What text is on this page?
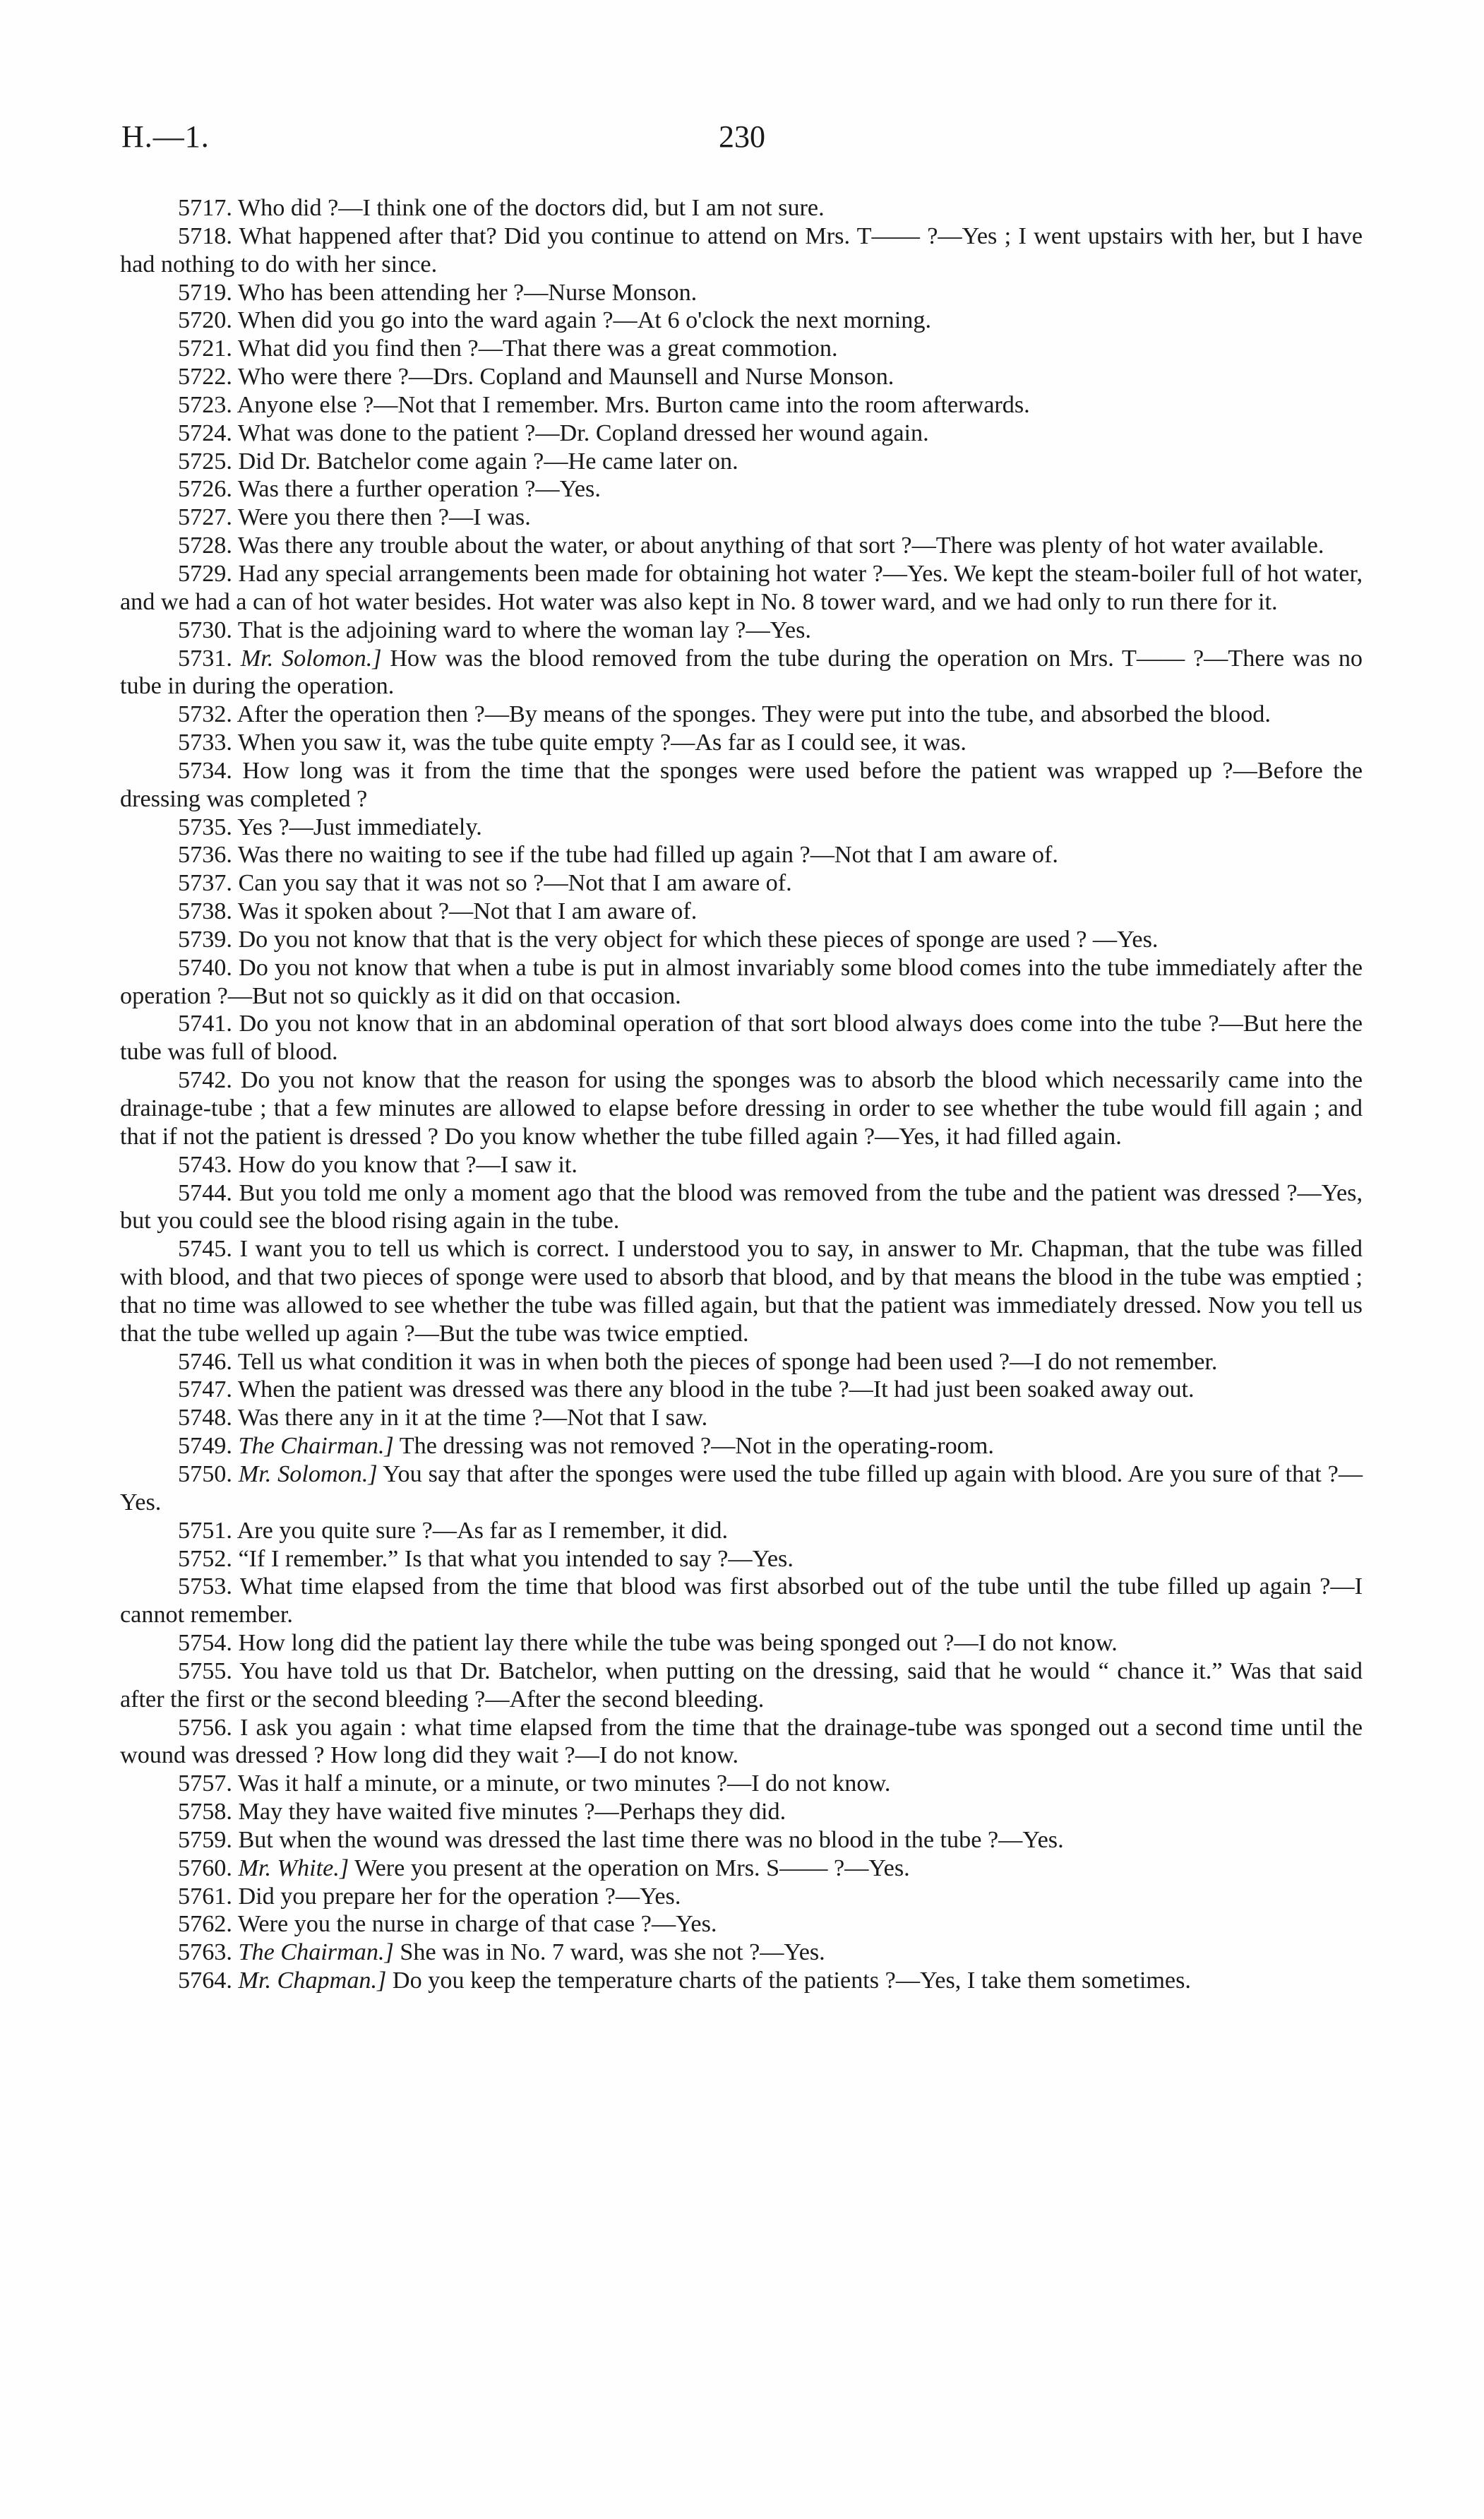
H.—1.	230

5717. Who did ?—I think one of the doctors did, but I am not sure.

5718. What happened after that? Did you continue to attend on Mrs. T—— ?—Yes ; I went upstairs with her, but I have had nothing to do with her since.

5719. Who has been attending her ?—Nurse Monson.

5720. When did you go into the ward again ?—At 6 o'clock the next morning.

5721. What did you find then ?—That there was a great commotion.

5722. Who were there ?—Drs. Copland and Maunsell and Nurse Monson.

5723. Anyone else ?—Not that I remember. Mrs. Burton came into the room afterwards.

5724. What was done to the patient ?—Dr. Copland dressed her wound again.

5725. Did Dr. Batchelor come again ?—He came later on.

5726. Was there a further operation ?—Yes.

5727. Were you there then ?—I was.

5728. Was there any trouble about the water, or about anything of that sort ?—There was plenty of hot water available.

5729. Had any special arrangements been made for obtaining hot water ?—Yes. We kept the steam-boiler full of hot water, and we had a can of hot water besides. Hot water was also kept in No. 8 tower ward, and we had only to run there for it.

5730. That is the adjoining ward to where the woman lay ?—Yes.

5731. Mr. Solomon.] How was the blood removed from the tube during the operation on Mrs. T—— ?—There was no tube in during the operation.

5732. After the operation then ?—By means of the sponges. They were put into the tube, and absorbed the blood.

5733. When you saw it, was the tube quite empty ?—As far as I could see, it was.

5734. How long was it from the time that the sponges were used before the patient was wrapped up ?—Before the dressing was completed ?

5735. Yes ?—Just immediately.

5736. Was there no waiting to see if the tube had filled up again ?—Not that I am aware of.

5737. Can you say that it was not so ?—Not that I am aware of.

5738. Was it spoken about ?—Not that I am aware of.

5739. Do you not know that that is the very object for which these pieces of sponge are used ? —Yes.

5740. Do you not know that when a tube is put in almost invariably some blood comes into the tube immediately after the operation ?—But not so quickly as it did on that occasion.

5741. Do you not know that in an abdominal operation of that sort blood always does come into the tube ?—But here the tube was full of blood.

5742. Do you not know that the reason for using the sponges was to absorb the blood which necessarily came into the drainage-tube ; that a few minutes are allowed to elapse before dressing in order to see whether the tube would fill again ; and that if not the patient is dressed ? Do you know whether the tube filled again ?—Yes, it had filled again.

5743. How do you know that ?—I saw it.

5744. But you told me only a moment ago that the blood was removed from the tube and the patient was dressed ?—Yes, but you could see the blood rising again in the tube.

5745. I want you to tell us which is correct. I understood you to say, in answer to Mr. Chapman, that the tube was filled with blood, and that two pieces of sponge were used to absorb that blood, and by that means the blood in the tube was emptied ; that no time was allowed to see whether the tube was filled again, but that the patient was immediately dressed. Now you tell us that the tube welled up again ?—But the tube was twice emptied.

5746. Tell us what condition it was in when both the pieces of sponge had been used ?—I do not remember.

5747. When the patient was dressed was there any blood in the tube ?—It had just been soaked away out.

5748. Was there any in it at the time ?—Not that I saw.

5749. The Chairman.] The dressing was not removed ?—Not in the operating-room.

5750. Mr. Solomon.] You say that after the sponges were used the tube filled up again with blood. Are you sure of that ?—Yes.

5751. Are you quite sure ?—As far as I remember, it did.

5752. “If I remember.” Is that what you intended to say ?—Yes.

5753. What time elapsed from the time that blood was first absorbed out of the tube until the tube filled up again ?—I cannot remember.

5754. How long did the patient lay there while the tube was being sponged out ?—I do not know.

5755. You have told us that Dr. Batchelor, when putting on the dressing, said that he would “ chance it.” Was that said after the first or the second bleeding ?—After the second bleeding.

5756. I ask you again : what time elapsed from the time that the drainage-tube was sponged out a second time until the wound was dressed ? How long did they wait ?—I do not know.

5757. Was it half a minute, or a minute, or two minutes ?—I do not know.

5758. May they have waited five minutes ?—Perhaps they did.

5759. But when the wound was dressed the last time there was no blood in the tube ?—Yes.

5760. Mr. White.] Were you present at the operation on Mrs. S—— ?—Yes.

5761. Did you prepare her for the operation ?—Yes.

5762. Were you the nurse in charge of that case ?—Yes.

5763. The Chairman.] She was in No. 7 ward, was she not ?—Yes.

5764. Mr. Chapman.] Do you keep the temperature charts of the patients ?—Yes, I take them sometimes.
